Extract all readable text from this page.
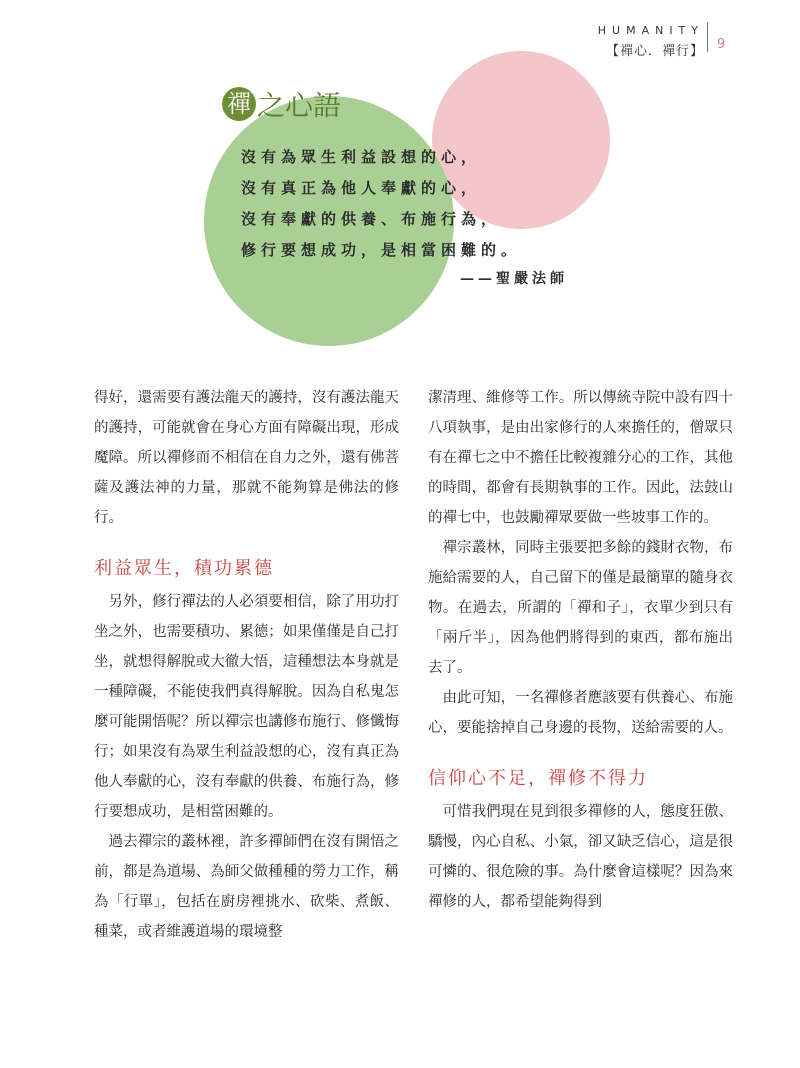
HUMANITY
【禪心．禪行】 9
禪 之心語
沒有為眾生利益設想的心，
沒有真正為他人奉獻的心，
沒有奉獻的供養、布施行為，
修行要想成功，是相當困難的。
——聖嚴法師
得好，還需要有護法龍天的護持，沒有護法龍天的護持，可能就會在身心方面有障礙出現，形成魔障。所以禪修而不相信在自力之外，還有佛菩薩及護法神的力量，那就不能夠算是佛法的修行。
利益眾生，積功累德
　另外，修行禪法的人必須要相信，除了用功打坐之外，也需要積功、累德；如果僅僅是自己打坐，就想得解脫或大徹大悟，這種想法本身就是一種障礙，不能使我們真得解脫。因為自私鬼怎麼可能開悟呢？所以禪宗也講修布施行、修懺悔行；如果沒有為眾生利益設想的心，沒有真正為他人奉獻的心，沒有奉獻的供養、布施行為，修行要想成功，是相當困難的。
　過去禪宗的叢林裡，許多禪師們在沒有開悟之前，都是為道場、為師父做種種的勞力工作，稱為「行單」，包括在廚房裡挑水、砍柴、煮飯、種菜，或者維護道場的環境整
潔清理、維修等工作。所以傳統寺院中設有四十八項執事，是由出家修行的人來擔任的，僧眾只有在禪七之中不擔任比較複雜分心的工作，其他的時間，都會有長期執事的工作。因此，法鼓山的禪七中，也鼓勵禪眾要做一些坡事工作的。
　禪宗叢林，同時主張要把多餘的錢財衣物，布施給需要的人，自己留下的僅是最簡單的隨身衣物。在過去，所謂的「禪和子」，衣單少到只有「兩斤半」，因為他們將得到的東西，都布施出去了。
　由此可知，一名禪修者應該要有供養心、布施心，要能捨掉自己身邊的長物，送給需要的人。
信仰心不足，禪修不得力
　可惜我們現在見到很多禪修的人，態度狂傲、驕慢，內心自私、小氣，卻又缺乏信心，這是很可憐的、很危險的事。為什麼會這樣呢？因為來禪修的人，都希望能夠得到
